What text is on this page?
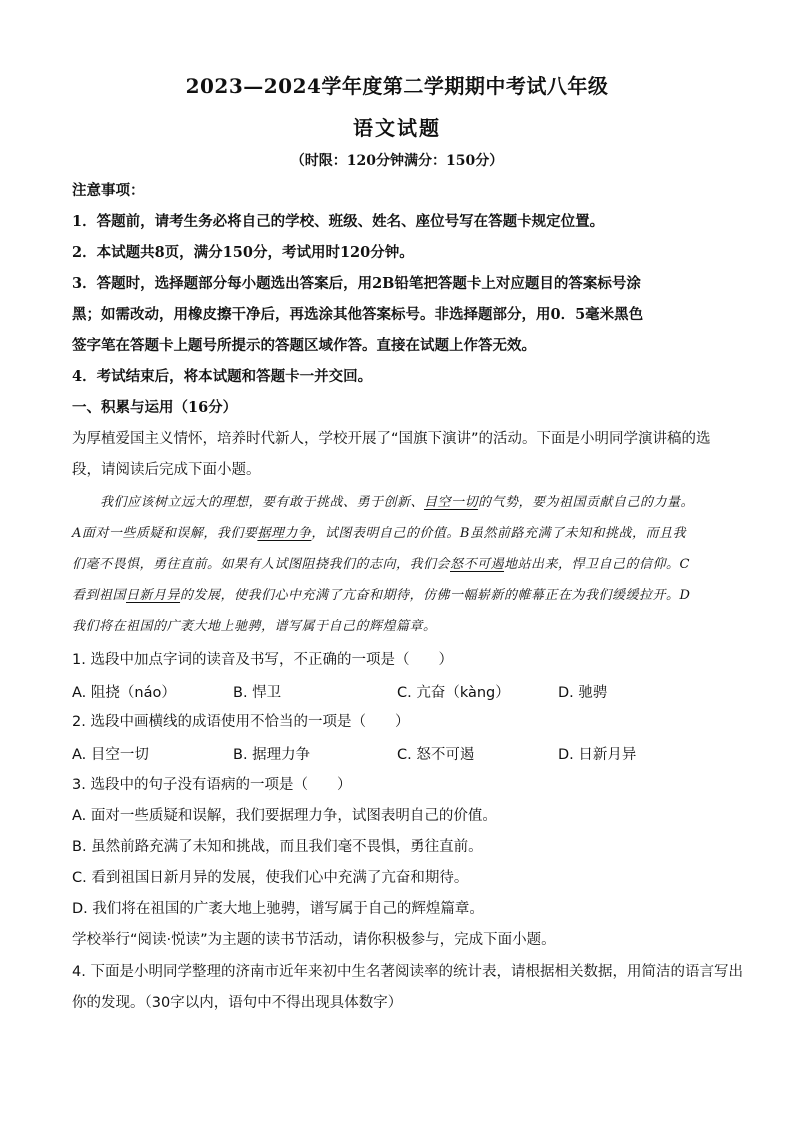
2023—2024学年度第二学期期中考试八年级
语文试题
（时限：120分钟满分：150分）
注意事项：
1．答题前，请考生务必将自己的学校、班级、姓名、座位号写在答题卡规定位置。
2．本试题共8页，满分150分，考试用时120分钟。
3．答题时，选择题部分每小题选出答案后，用2B铅笔把答题卡上对应题目的答案标号涂
黑；如需改动，用橡皮擦干净后，再选涂其他答案标号。非选择题部分，用0．5毫米黑色
签字笔在答题卡上题号所提示的答题区域作答。直接在试题上作答无效。
4．考试结束后，将本试题和答题卡一并交回。
一、积累与运用（16分）
为厚植爱国主义情怀，培养时代新人，学校开展了“国旗下演讲”的活动。下面是小明同学演讲稿的选
段，请阅读后完成下面小题。
我们应该树立远大的理想，要有敢于挑战、勇于创新、目空一切的气势，要为祖国贡献自己的力量。
A面对一些质疑和误解，我们要据理力争，试图表明自己的价值。B虽然前路充满了未知和挑战，而且我
们毫不畏惧，勇往直前。如果有人试图阻挠我们的志向，我们会怒不可遏地站出来，悍卫自己的信仰。C
看到祖国日新月异的发展，使我们心中充满了亢奋和期待，仿佛一幅崭新的帷幕正在为我们缓缓拉开。D
我们将在祖国的广袤大地上驰骋，谱写属于自己的辉煌篇章。
1. 选段中加点字词的读音及书写，不正确的一项是（　　）
A. 阻挠（náo）	B. 悍卫	C. 亢奋（kàng）	D. 驰骋
2. 选段中画横线的成语使用不恰当的一项是（　　）
A. 目空一切	B. 据理力争	C. 怒不可遏	D. 日新月异
3. 选段中的句子没有语病的一项是（　　）
A. 面对一些质疑和误解，我们要据理力争，试图表明自己的价值。
B. 虽然前路充满了未知和挑战，而且我们毫不畏惧，勇往直前。
C. 看到祖国日新月异的发展，使我们心中充满了亢奋和期待。
D. 我们将在祖国的广袤大地上驰骋，谱写属于自己的辉煌篇章。
学校举行“阅读·悦读”为主题的读书节活动，请你积极参与，完成下面小题。
4. 下面是小明同学整理的济南市近年来初中生名著阅读率的统计表，请根据相关数据，用简洁的语言写出
你的发现。（30字以内，语句中不得出现具体数字）
